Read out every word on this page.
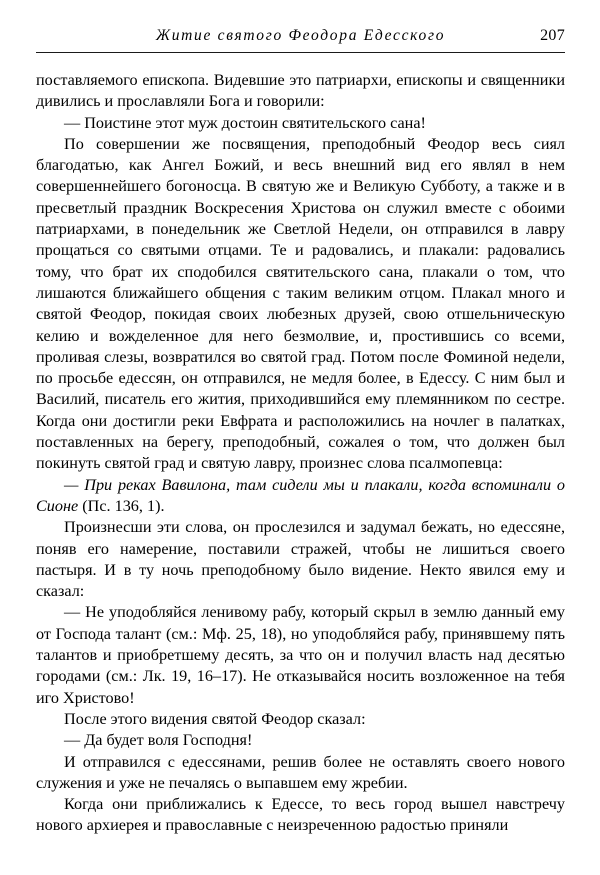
Житие святого Феодора Едесского	207

поставляемого епископа. Видевшие это патриархи, епископы и священники дивились и прославляли Бога и говорили:

— Поистине этот муж достоин святительского сана!

По совершении же посвящения, преподобный Феодор весь сиял благодатью, как Ангел Божий, и весь внешний вид его являл в нем совершеннейшего богоносца. В святую же и Великую Субботу, а также и в пресветлый праздник Воскресения Христова он служил вместе с обоими патриархами, в понедельник же Светлой Недели, он отправился в лавру прощаться со святыми отцами. Те и радовались, и плакали: радовались тому, что брат их сподобился святительского сана, плакали о том, что лишаются ближайшего общения с таким великим отцом. Плакал много и святой Феодор, покидая своих любезных друзей, свою отшельническую келию и вожделенное для него безмолвие, и, простившись со всеми, проливая слезы, возвратился во святой град. Потом после Фоминой недели, по просьбе едессян, он отправился, не медля более, в Едессу. С ним был и Василий, писатель его жития, приходившийся ему племянником по сестре. Когда они достигли реки Евфрата и расположились на ночлег в палатках, поставленных на берегу, преподобный, сожалея о том, что должен был покинуть святой град и святую лавру, произнес слова псалмопевца:

— При реках Вавилона, там сидели мы и плакали, когда вспоминали о Сионе (Пс. 136, 1).

Произнесши эти слова, он прослезился и задумал бежать, но едессяне, поняв его намерение, поставили стражей, чтобы не лишиться своего пастыря. И в ту ночь преподобному было видение. Некто явился ему и сказал:

— Не уподобляйся ленивому рабу, который скрыл в землю данный ему от Господа талант (см.: Мф. 25, 18), но уподобляйся рабу, принявшему пять талантов и приобретшему десять, за что он и получил власть над десятью городами (см.: Лк. 19, 16–17). Не отказывайся носить возложенное на тебя иго Христово!

После этого видения святой Феодор сказал:

— Да будет воля Господня!

И отправился с едессянами, решив более не оставлять своего нового служения и уже не печалясь о выпавшем ему жребии.

Когда они приближались к Едессе, то весь город вышел навстречу нового архиерея и православные с неизреченною радостью приняли
